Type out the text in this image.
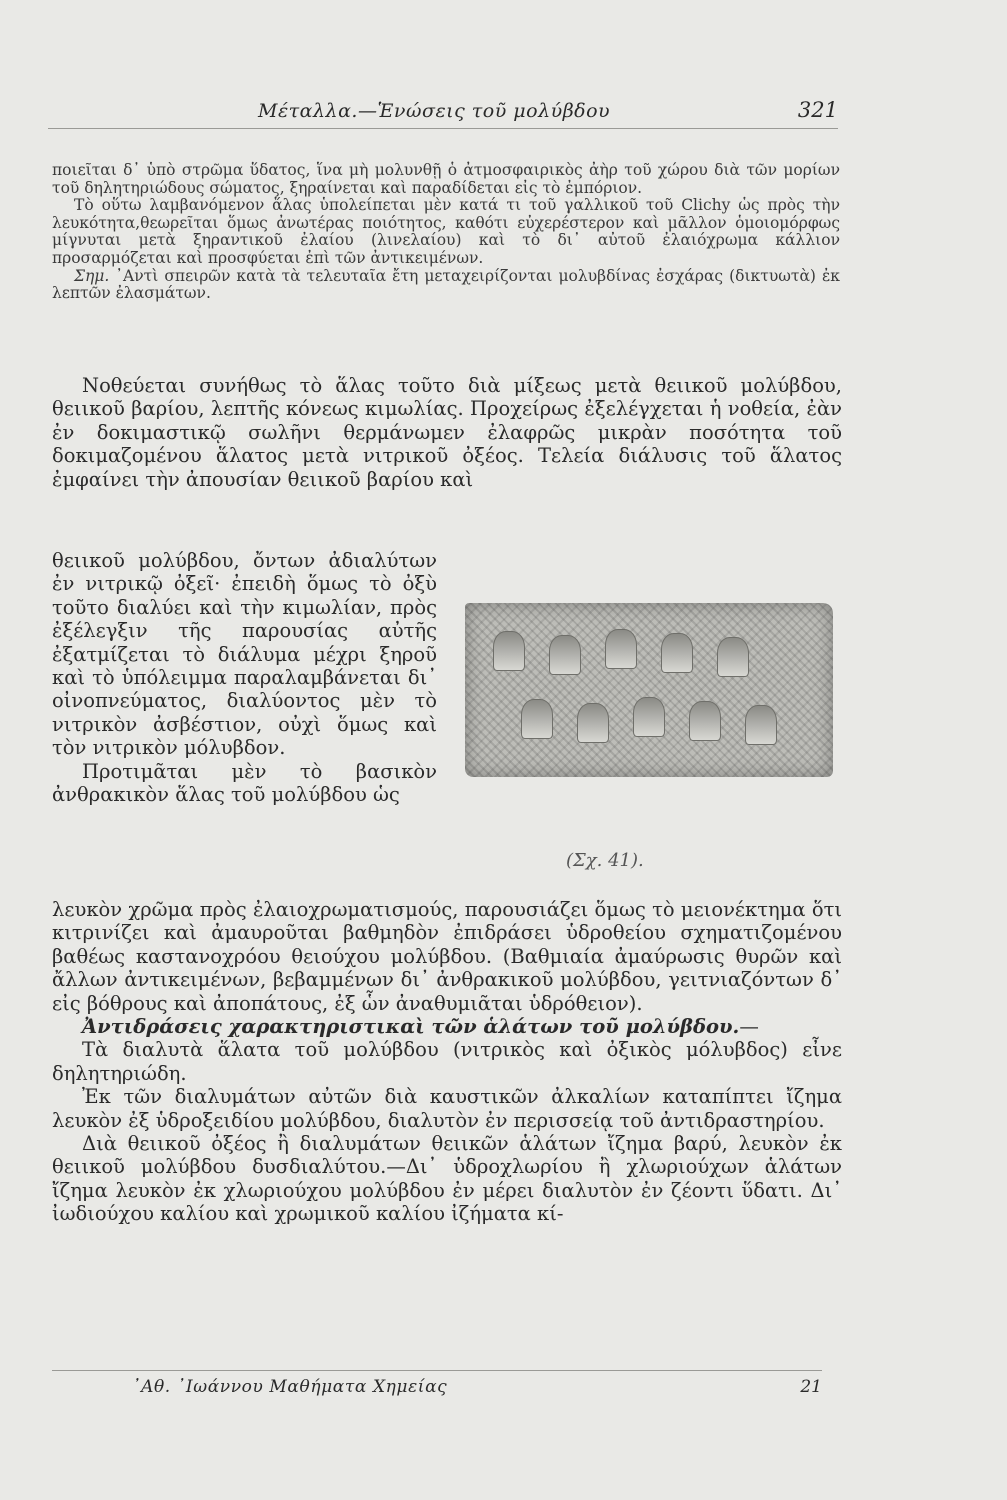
Μέταλλα.—Ἑνώσεις τοῦ μολύβδου	321

ποιεῖται δ᾽ ὑπὸ στρῶμα ὕδατος, ἵνα μὴ μολυνθῇ ὁ ἀτμοσφαιρικὸς ἀὴρ τοῦ χώρου διὰ τῶν μορίων τοῦ δηλητηριώδους σώματος, ξηραίνεται καὶ παραδίδεται εἰς τὸ ἐμπόριον.

Τὸ οὕτω λαμβανόμενον ἅλας ὑπολείπεται μὲν κατά τι τοῦ γαλλικοῦ τοῦ Clichy ὡς πρὸς τὴν λευκότητα,θεωρεῖται ὅμως ἀνωτέρας ποιότητος, καθότι εὐχερέστερον καὶ μᾶλλον ὁμοιομόρφως μίγνυται μετὰ ξηραντικοῦ ἐλαίου (λινελαίου) καὶ τὸ δι᾽ αὐτοῦ ἐλαιόχρωμα κάλλιον προσαρμόζεται καὶ προσφύεται ἐπὶ τῶν ἀντικειμένων.

Σημ. ᾽Αντὶ σπειρῶν κατὰ τὰ τελευταῖα ἔτη μεταχειρίζονται μολυβδίνας ἐσχάρας (δικτυωτὰ) ἐκ λεπτῶν ἐλασμάτων.

Νοθεύεται συνήθως τὸ ἅλας τοῦτο διὰ μίξεως μετὰ θειικοῦ μολύβδου, θειικοῦ βαρίου, λεπτῆς κόνεως κιμωλίας. Προχείρως ἐξελέγχεται ἡ νοθεία, ἐὰν ἐν δοκιμαστικῷ σωλῆνι θερμάνωμεν ἐλαφρῶς μικρὰν ποσότητα τοῦ δοκιμαζομένου ἅλατος μετὰ νιτρικοῦ ὀξέος. Τελεία διάλυσις τοῦ ἅλατος ἐμφαίνει τὴν ἀπουσίαν θειικοῦ βαρίου καὶ

θειικοῦ μολύβδου, ὄντων ἀδιαλύτων ἐν νιτρικῷ ὀξεῖ· ἐπειδὴ ὅμως τὸ ὀξὺ τοῦτο διαλύει καὶ τὴν κιμωλίαν, πρὸς ἐξέλεγξιν τῆς παρουσίας αὐτῆς ἐξατμίζεται τὸ διάλυμα μέχρι ξηροῦ καὶ τὸ ὑπόλειμμα παραλαμβάνεται δι᾽ οἰνοπνεύματος, διαλύοντος μὲν τὸ νιτρικὸν ἀσβέστιον, οὐχὶ ὅμως καὶ τὸν νιτρικὸν μόλυβδον.

Προτιμᾶται μὲν τὸ βασικὸν ἀνθρακικὸν ἅλας τοῦ μολύβδου ὡς

(Σχ. 41).

λευκὸν χρῶμα πρὸς ἐλαιοχρωματισμούς, παρουσιάζει ὅμως τὸ μειονέκτημα ὅτι κιτρινίζει καὶ ἀμαυροῦται βαθμηδὸν ἐπιδράσει ὑδροθείου σχηματιζομένου βαθέως καστανοχρόου θειούχου μολύβδου. (Βαθμιαία ἀμαύρωσις θυρῶν καὶ ἄλλων ἀντικειμένων, βεβαμμένων δι᾽ ἀνθρακικοῦ μολύβδου, γειτνιαζόντων δ᾽ εἰς βόθρους καὶ ἀποπάτους, ἐξ ὧν ἀναθυμιᾶται ὑδρόθειον).

Ἀντιδράσεις χαρακτηριστικαὶ τῶν ἁλάτων τοῦ μολύβδου.—

Τὰ διαλυτὰ ἅλατα τοῦ μολύβδου (νιτρικὸς καὶ ὀξικὸς μόλυβδος) εἶνε δηλητηριώδη.

Ἐκ τῶν διαλυμάτων αὐτῶν διὰ καυστικῶν ἀλκαλίων καταπίπτει ἴζημα λευκὸν ἐξ ὑδροξειδίου μολύβδου, διαλυτὸν ἐν περισσείᾳ τοῦ ἀντιδραστηρίου.

Διὰ θειικοῦ ὀξέος ἢ διαλυμάτων θειικῶν ἁλάτων ἴζημα βαρύ, λευκὸν ἐκ θειικοῦ μολύβδου δυσδιαλύτου.—Δι᾽ ὑδροχλωρίου ἢ χλωριούχων ἁλάτων ἴζημα λευκὸν ἐκ χλωριούχου μολύβδου ἐν μέρει διαλυτὸν ἐν ζέοντι ὕδατι. Δι᾽ ἰωδιούχου καλίου καὶ χρωμικοῦ καλίου ἰζήματα κί-

᾽Αθ. ᾽Ιωάννου Μαθήματα Χημείας	21
